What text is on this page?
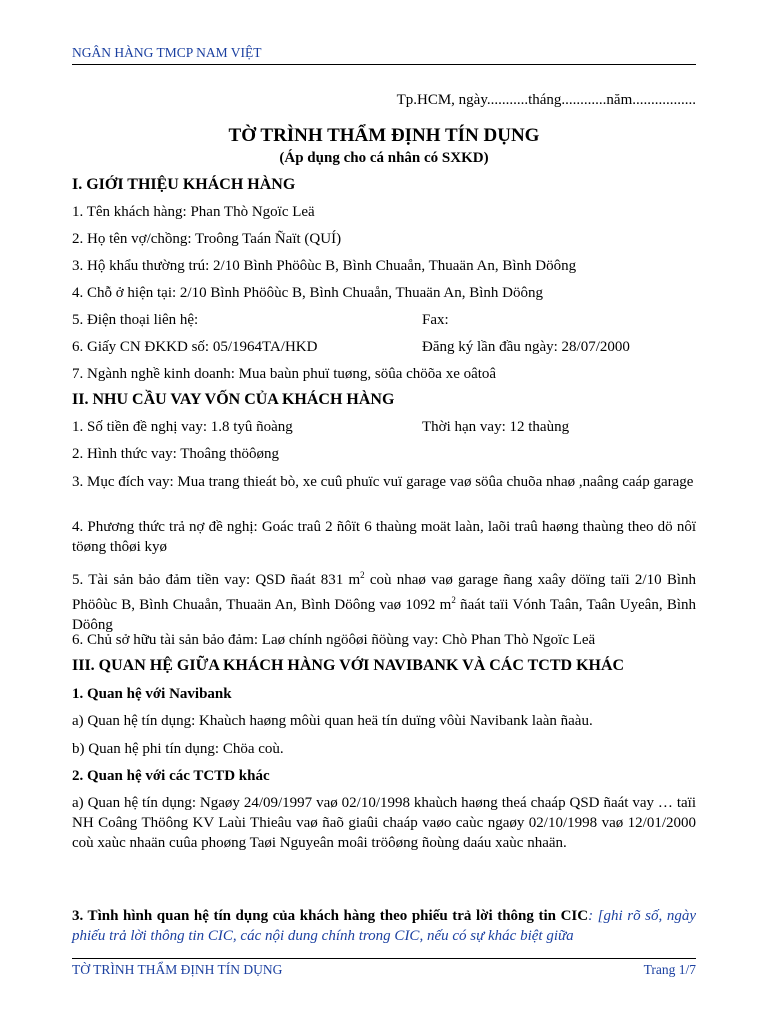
NGÂN HÀNG TMCP NAM VIỆT
Tp.HCM, ngày...........tháng............năm.................
TỜ TRÌNH THẨM ĐỊNH TÍN DỤNG
(Áp dụng cho cá nhân có SXKD)
I. GIỚI THIỆU KHÁCH HÀNG
1. Tên khách hàng: Phan Thò Ngoïc Leä
2. Họ tên vợ/chồng: Troông Taán Ñaït (QUÍ)
3. Hộ khẩu thường trú: 2/10 Bình Phöôùc B, Bình Chuaån, Thuaän An, Bình Döông
4. Chỗ ở hiện tại: 2/10 Bình Phöôùc B, Bình Chuaån, Thuaän An, Bình Döông
5. Điện thoại liên hệ:	Fax:
6. Giấy CN ĐKKD số: 05/1964TA/HKD	Đăng ký lần đầu ngày: 28/07/2000
7. Ngành nghề kinh doanh: Mua baùn phuï tuøng, söûa chöõa xe oâtoâ
II. NHU CẦU VAY VỐN CỦA KHÁCH HÀNG
1. Số tiền đề nghị vay: 1.8 tyû ñoàng	Thời hạn vay: 12 thaùng
2. Hình thức vay: Thoâng thöôøng
3. Mục đích vay: Mua trang thieát bò, xe cuû phuïc vuï garage vaø söûa chuõa nhaø ,naâng caáp garage
4. Phương thức trả nợ đề nghị: Goác traû 2 ñôït 6 thaùng moät laàn, laõi traû haøng thaùng theo dö nôï töøng thôøi kyø
5. Tài sản bảo đảm tiền vay: QSD ñaát 831 $m^2$ coù nhaø vaø garage ñang xaây döïng taïi 2/10 Bình Phöôùc B, Bình Chuaån, Thuaän An, Bình Döông vaø 1092 $m^2$ ñaát taïi Vónh Taân, Taân Uyeân, Bình Döông
6. Chủ sở hữu tài sản bảo đảm: Laø chính ngöôøi ñöùng vay: Chò Phan Thò Ngoïc Leä
III. QUAN HỆ GIỮA KHÁCH HÀNG VỚI NAVIBANK VÀ CÁC TCTD KHÁC
1. Quan hệ với Navibank
a) Quan hệ tín dụng: Khaùch haøng môùi quan heä tín duïng vôùi Navibank laàn ñaàu.
b) Quan hệ phi tín dụng: Chöa coù.
2. Quan hệ với các TCTD khác
a) Quan hệ tín dụng: Ngaøy 24/09/1997 vaø 02/10/1998 khaùch haøng theá chaáp QSD ñaát vay … taïi NH Coâng Thöông KV Laùi Thieâu vaø ñaõ giaûi chaáp vaøo caùc ngaøy 02/10/1998 vaø 12/01/2000 coù xaùc nhaän cuûa phoøng Taøi Nguyeân moâi tröôøng ñoùng daáu xaùc nhaän.
3. Tình hình quan hệ tín dụng của khách hàng theo phiếu trả lời thông tin CIC: [ghi rõ số, ngày phiếu trả lời thông tin CIC, các nội dung chính trong CIC, nếu có sự khác biệt giữa
TỜ TRÌNH THẨM ĐỊNH TÍN DỤNG	Trang 1/7
